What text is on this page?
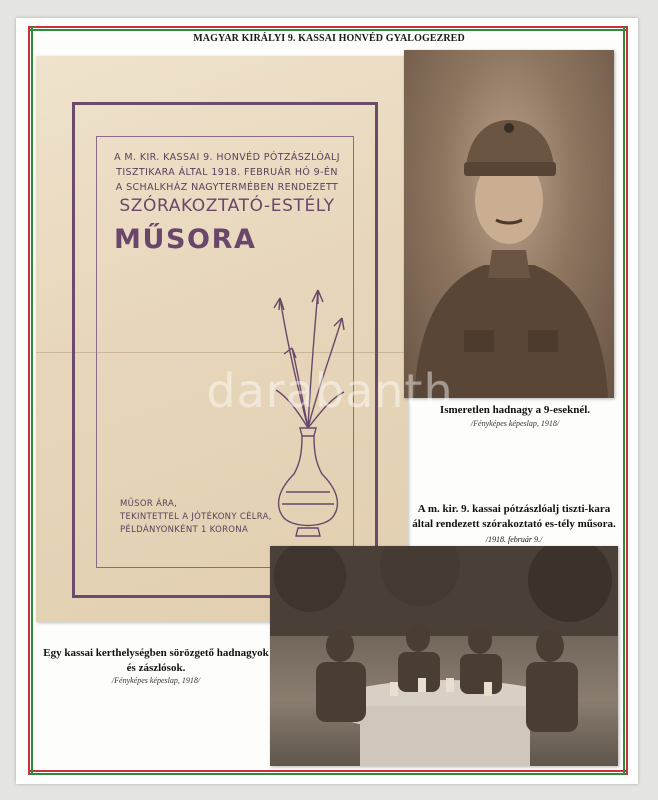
MAGYAR KIRÁLYI 9. KASSAI HONVÉD GYALOGEZRED
A M. KIR. KASSAI 9. HONVÉD PÓTZÁSZLÓALJ
TISZTIKARA ÁLTAL 1918. FEBRUÁR HÓ 9-ÉN
A SCHALKHÁZ NAGYTERMÉBEN RENDEZETT
SZÓRAKOZTATÓ-ESTÉLY
MŰSORA
MŰSOR ÁRA,
TEKINTETTEL A JÓTÉKONY CÉLRA,
PÉLDÁNYONKÉNT 1 KORONA
darabanth
Ismeretlen hadnagy a 9-eseknél.
/Fényképes képeslap, 1918/
A m. kir. 9. kassai pótzászlóalj tiszti-kara által rendezett szórakoztató es-tély műsora. /1918. február 9./
Egy kassai kerthelységben sörözgető hadnagyok és zászlósok.
/Fényképes képeslap, 1918/
